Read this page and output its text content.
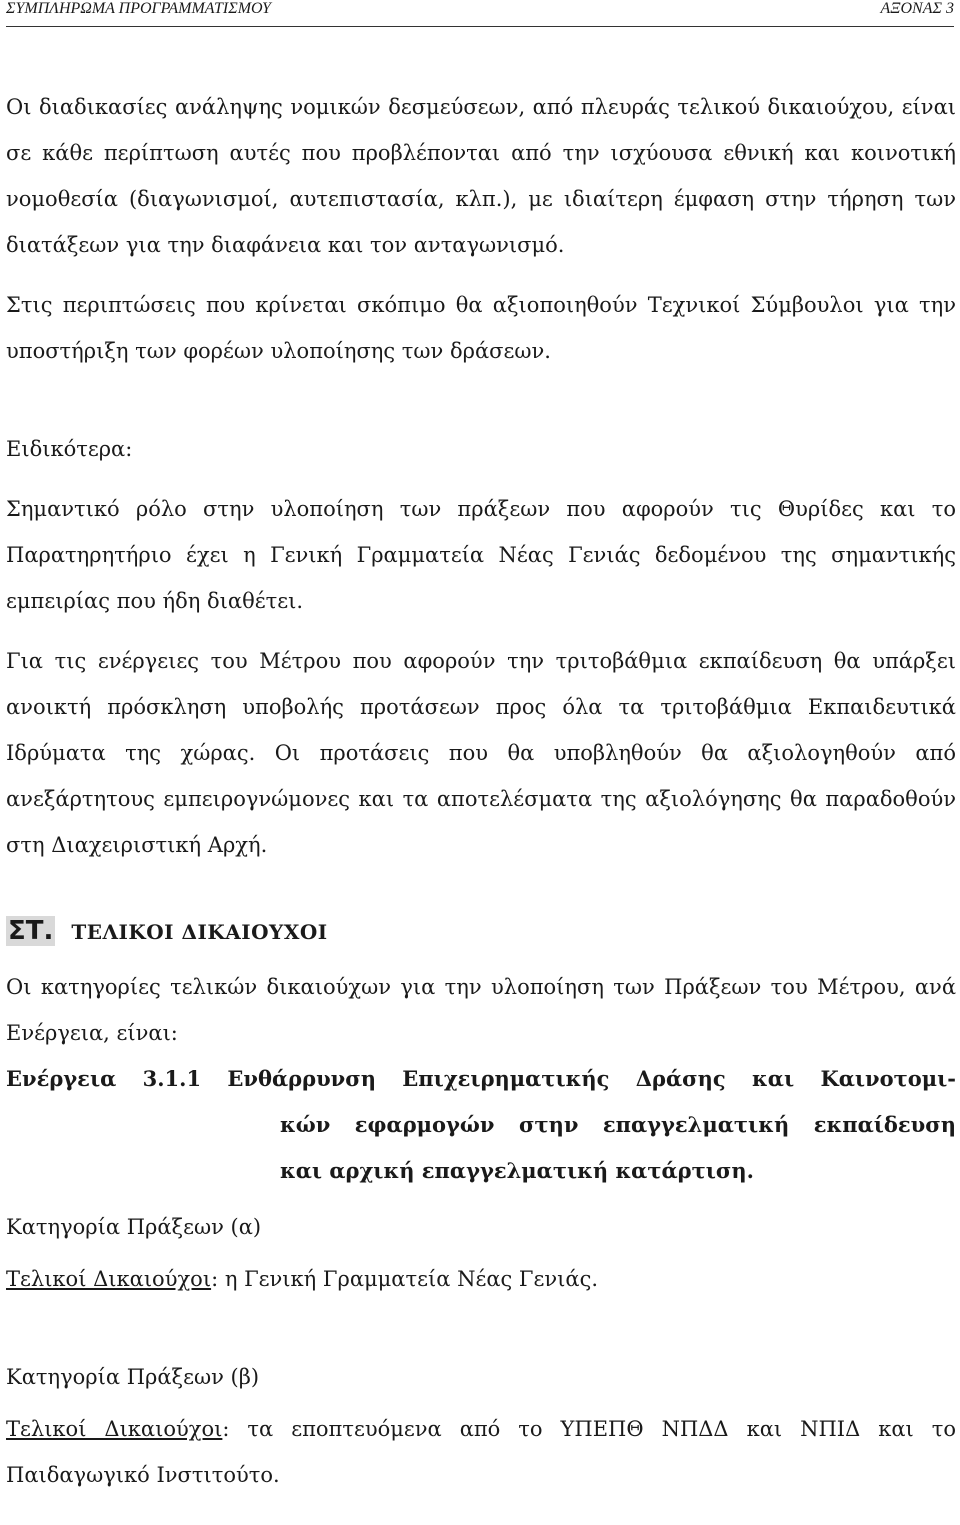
ΣΥΜΠΛΗΡΩΜΑ ΠΡΟΓΡΑΜΜΑΤΙΣΜΟΥ	ΑΞΟΝΑΣ 3

Οι διαδικασίες ανάληψης νομικών δεσμεύσεων, από πλευράς τελικού δικαιούχου, είναι σε κάθε περίπτωση αυτές που προβλέπονται από την ισχύουσα εθνική και κοινοτική νομοθεσία (διαγωνισμοί, αυτεπιστασία, κλπ.), με ιδιαίτερη έμφαση στην τήρηση των διατάξεων για την διαφάνεια και τον ανταγωνισμό.

Στις περιπτώσεις που κρίνεται σκόπιμο θα αξιοποιηθούν Τεχνικοί Σύμβουλοι για την υποστήριξη των φορέων υλοποίησης των δράσεων.

Ειδικότερα:

Σημαντικό ρόλο στην υλοποίηση των πράξεων που αφορούν τις Θυρίδες και το Παρατηρητήριο έχει η Γενική Γραμματεία Νέας Γενιάς δεδομένου της σημαντικής εμπειρίας που ήδη διαθέτει.

Για τις ενέργειες του Μέτρου που αφορούν την τριτοβάθμια εκπαίδευση θα υπάρξει ανοικτή πρόσκληση υποβολής προτάσεων προς όλα τα τριτοβάθμια Εκπαιδευτικά Ιδρύματα της χώρας. Οι προτάσεις που θα υποβληθούν θα αξιολογηθούν από ανεξάρτητους εμπειρογνώμονες και τα αποτελέσματα της αξιολόγησης θα παραδοθούν στη Διαχειριστική Αρχή.

ΣΤ. ΤΕΛΙΚΟΙ ΔΙΚΑΙΟΥΧΟΙ

Οι κατηγορίες τελικών δικαιούχων για την υλοποίηση των Πράξεων του Μέτρου, ανά Ενέργεια, είναι:

Ενέργεια 3.1.1 Ενθάρρυνση Επιχειρηματικής Δράσης και Καινοτομι-
κών εφαρμογών στην επαγγελματική εκπαίδευση
και αρχική επαγγελματική κατάρτιση.

Κατηγορία Πράξεων (α)

Τελικοί Δικαιούχοι: η Γενική Γραμματεία Νέας Γενιάς.

Κατηγορία Πράξεων (β)

Τελικοί Δικαιούχοι: τα εποπτευόμενα από το ΥΠΕΠΘ ΝΠΔΔ και ΝΠΙΔ και το Παιδαγωγικό Ινστιτούτο.
